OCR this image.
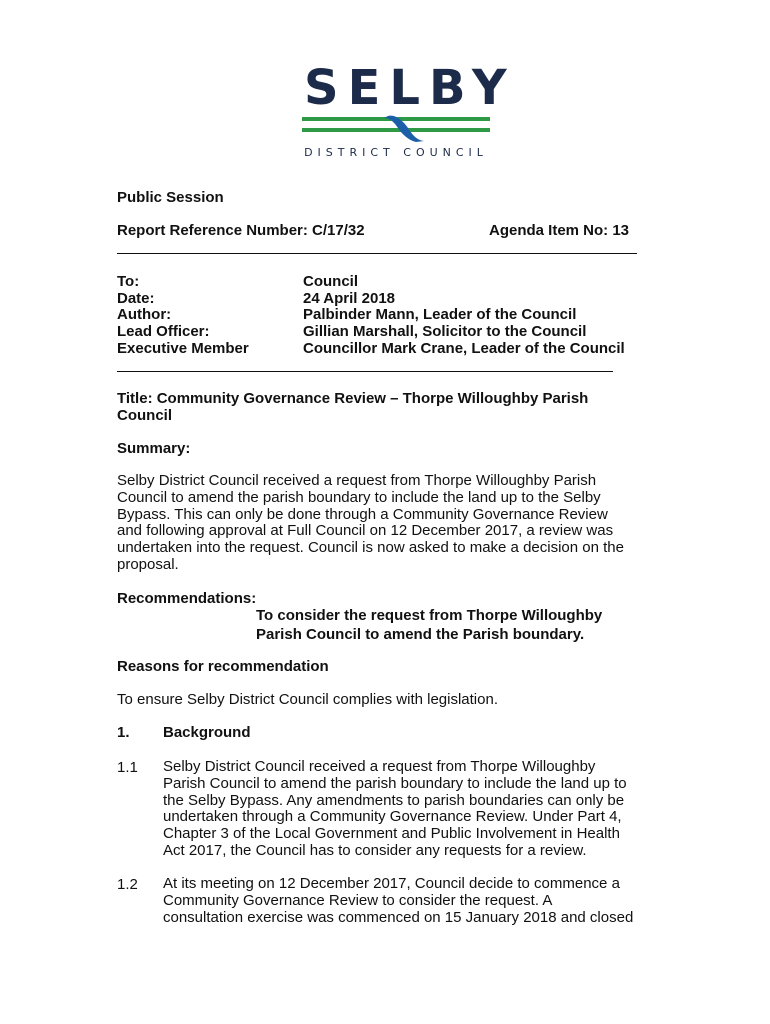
SELBY
DISTRICT COUNCIL
Public Session
Report Reference Number: C/17/32	Agenda Item No: 13
To:	Council
Date:	24 April 2018
Author:	Palbinder Mann, Leader of the Council
Lead Officer:	Gillian Marshall, Solicitor to the Council
Executive Member	Councillor Mark Crane, Leader of the Council
Title: Community Governance Review – Thorpe Willoughby Parish
Council
Summary:
Selby District Council received a request from Thorpe Willoughby Parish
Council to amend the parish boundary to include the land up to the Selby
Bypass. This can only be done through a Community Governance Review
and following approval at Full Council on 12 December 2017, a review was
undertaken into the request. Council is now asked to make a decision on the
proposal.
Recommendations:
To consider the request from Thorpe Willoughby
Parish Council to amend the Parish boundary.
Reasons for recommendation
To ensure Selby District Council complies with legislation.
1. Background
1.1 Selby District Council received a request from Thorpe Willoughby
Parish Council to amend the parish boundary to include the land up to
the Selby Bypass. Any amendments to parish boundaries can only be
undertaken through a Community Governance Review. Under Part 4,
Chapter 3 of the Local Government and Public Involvement in Health
Act 2017, the Council has to consider any requests for a review.
1.2 At its meeting on 12 December 2017, Council decide to commence a
Community Governance Review to consider the request. A
consultation exercise was commenced on 15 January 2018 and closed
